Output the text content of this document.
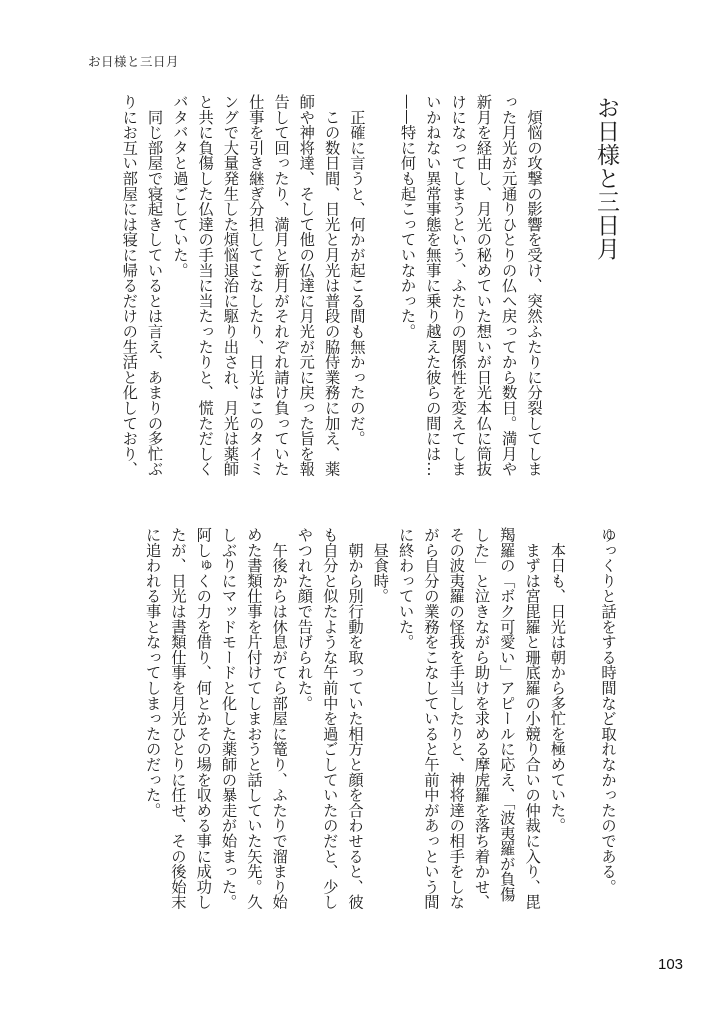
お日様と三日月
お日様と三日月
　煩悩の攻撃の影響を受け、突然ふたりに分裂してしま
った月光が元通りひとりの仏へ戻ってから数日。満月や
新月を経由し、月光の秘めていた想いが日光本仏に筒抜
けになってしまうという、ふたりの関係性を変えてしま
いかねない異常事態を無事に乗り越えた彼らの間には…
——特に何も起こっていなかった。
　正確に言うと、何かが起こる間も無かったのだ。
　この数日間、日光と月光は普段の脇侍業務に加え、薬
師や神将達、そして他の仏達に月光が元に戻った旨を報
告して回ったり、満月と新月がそれぞれ請け負っていた
仕事を引き継ぎ分担してこなしたり、日光はこのタイミ
ングで大量発生した煩悩退治に駆り出され、月光は薬師
と共に負傷した仏達の手当に当たったりと、慌ただしく
バタバタと過ごしていた。
　同じ部屋で寝起きしているとは言え、あまりの多忙ぶ
りにお互い部屋には寝に帰るだけの生活と化しており、
ゆっくりと話をする時間など取れなかったのである。
　本日も、日光は朝から多忙を極めていた。
　まずは宮毘羅と珊底羅の小競り合いの仲裁に入り、毘
羯羅の「ボク可愛い」アピールに応え、「波夷羅が負傷
した」と泣きながら助けを求める摩虎羅を落ち着かせ、
その波夷羅の怪我を手当したりと、神将達の相手をしな
がら自分の業務をこなしていると午前中があっという間
に終わっていた。
　昼食時。
　朝から別行動を取っていた相方と顔を合わせると、彼
も自分と似たような午前中を過ごしていたのだと、少し
やつれた顔で告げられた。
　午後からは休息がてら部屋に篭り、ふたりで溜まり始
めた書類仕事を片付けてしまおうと話していた矢先。久
しぶりにマッドモードと化した薬師の暴走が始まった。
阿しゅくの力を借り、何とかその場を収める事に成功し
たが、日光は書類仕事を月光ひとりに任せ、その後始末
に追われる事となってしまったのだった。
103
